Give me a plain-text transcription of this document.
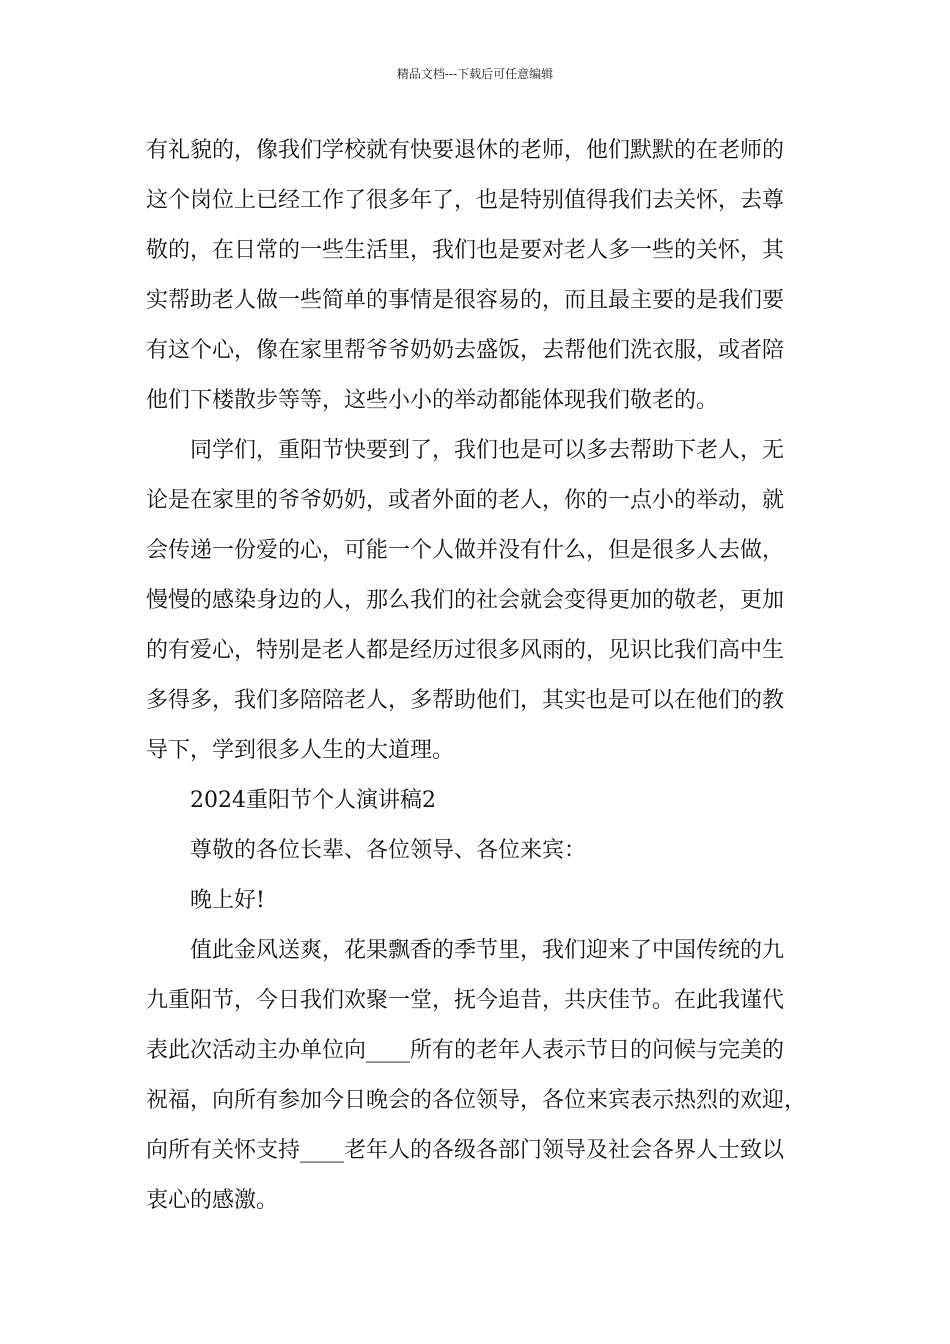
精品文档---下载后可任意编辑
有礼貌的，像我们学校就有快要退休的老师，他们默默的在老师的
这个岗位上已经工作了很多年了，也是特别值得我们去关怀，去尊
敬的，在日常的一些生活里，我们也是要对老人多一些的关怀，其
实帮助老人做一些简单的事情是很容易的，而且最主要的是我们要
有这个心，像在家里帮爷爷奶奶去盛饭，去帮他们洗衣服，或者陪
他们下楼散步等等，这些小小的举动都能体现我们敬老的。
同学们，重阳节快要到了，我们也是可以多去帮助下老人，无
论是在家里的爷爷奶奶，或者外面的老人，你的一点小的举动，就
会传递一份爱的心，可能一个人做并没有什么，但是很多人去做，
慢慢的感染身边的人，那么我们的社会就会变得更加的敬老，更加
的有爱心，特别是老人都是经历过很多风雨的，见识比我们高中生
多得多，我们多陪陪老人，多帮助他们，其实也是可以在他们的教
导下，学到很多人生的大道理。
2024重阳节个人演讲稿2
尊敬的各位长辈、各位领导、各位来宾：
晚上好!
值此金风送爽，花果飘香的季节里，我们迎来了中国传统的九
九重阳节，今日我们欢聚一堂，抚今追昔，共庆佳节。在此我谨代
表此次活动主办单位向____所有的老年人表示节日的问候与完美的
祝福，向所有参加今日晚会的各位领导，各位来宾表示热烈的欢迎，
向所有关怀支持____老年人的各级各部门领导及社会各界人士致以
衷心的感激。
